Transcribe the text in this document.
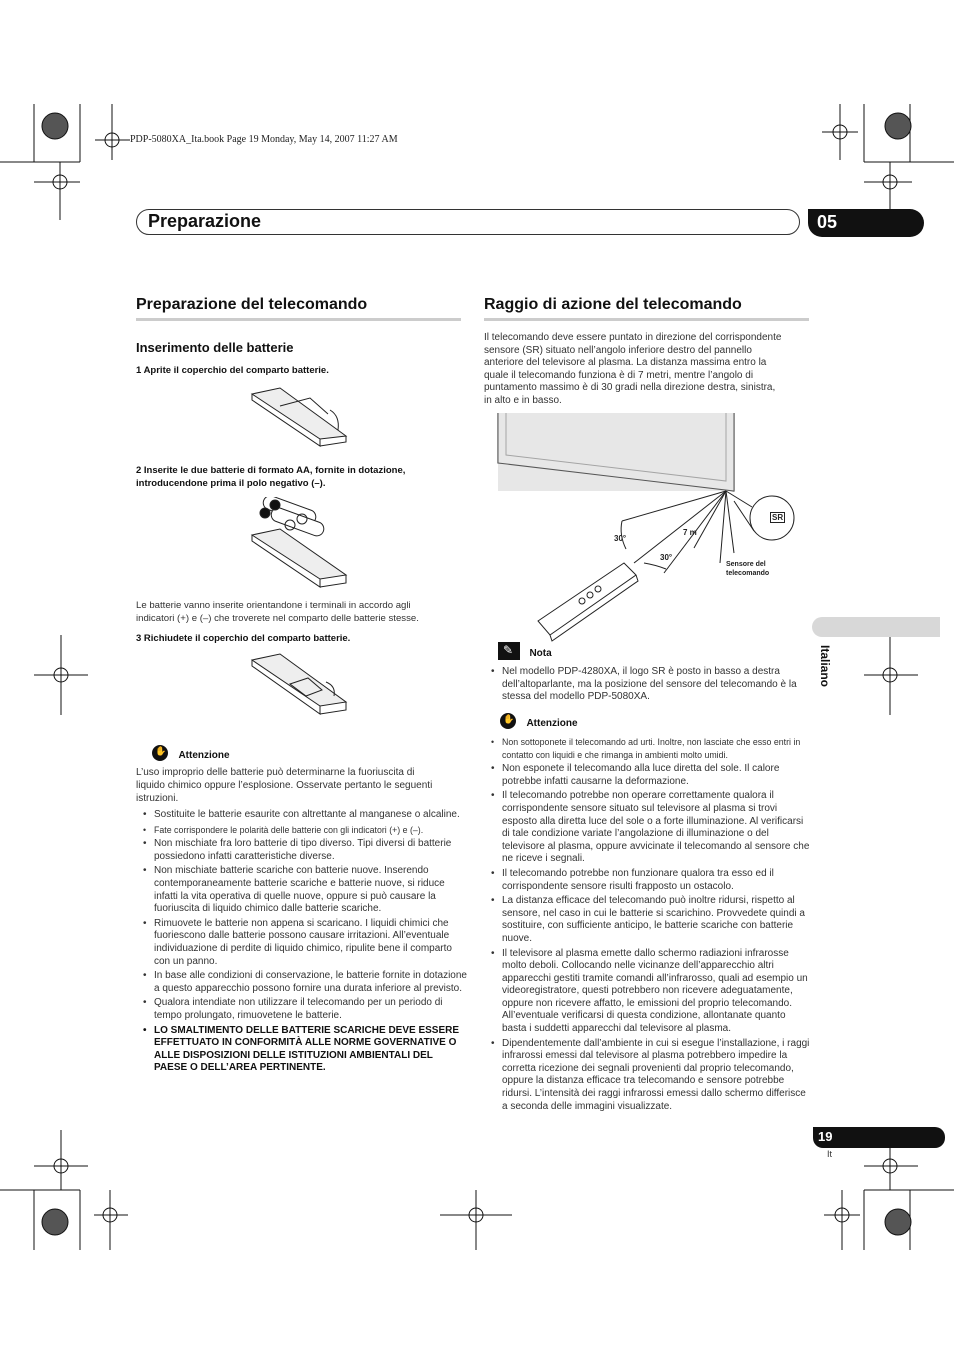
PDP-5080XA_Ita.book Page 19 Monday, May 14, 2007 11:27 AM
Preparazione	05
Preparazione del telecomando
Inserimento delle batterie
1 Aprite il coperchio del comparto batterie.
2 Inserite le due batterie di formato AA, fornite in dotazione,
introducendone prima il polo negativo (–).
Le batterie vanno inserite orientandone i terminali in accordo agli
indicatori (+) e (–) che troverete nel comparto delle batterie stesse.
3 Richiudete il coperchio del comparto batterie.
✋ Attenzione
L’uso improprio delle batterie può determinarne la fuoriuscita di
liquido chimico oppure l’esplosione. Osservate pertanto le seguenti
istruzioni.
• Sostituite le batterie esaurite con altrettante al manganese o alcaline.
• Fate corrispondere le polarità delle batterie con gli indicatori (+) e (–).
• Non mischiate fra loro batterie di tipo diverso. Tipi diversi di batterie possiedono infatti caratteristiche diverse.
• Non mischiate batterie scariche con batterie nuove. Inserendo contemporaneamente batterie scariche e batterie nuove, si riduce infatti la vita operativa di quelle nuove, oppure si può causare la fuoriuscita di liquido chimico dalle batterie scariche.
• Rimuovete le batterie non appena si scaricano. I liquidi chimici che fuoriescono dalle batterie possono causare irritazioni. All’eventuale individuazione di perdite di liquido chimico, ripulite bene il comparto con un panno.
• In base alle condizioni di conservazione, le batterie fornite in dotazione a questo apparecchio possono fornire una durata inferiore al previsto.
• Qualora intendiate non utilizzare il telecomando per un periodo di tempo prolungato, rimuovetene le batterie.
• LO SMALTIMENTO DELLE BATTERIE SCARICHE DEVE ESSERE EFFETTUATO IN CONFORMITÀ ALLE NORME GOVERNATIVE O ALLE DISPOSIZIONI DELLE ISTITUZIONI AMBIENTALI DEL PAESE O DELL’AREA PERTINENTE.
Raggio di azione del telecomando
Il telecomando deve essere puntato in direzione del corrispondente
sensore (SR) situato nell’angolo inferiore destro del pannello
anteriore del televisore al plasma. La distanza massima entro la
quale il telecomando funziona è di 7 metri, mentre l’angolo di
puntamento massimo è di 30 gradi nella direzione destra, sinistra,
in alto e in basso.
SR
30°
30°
7 m
Sensore del
telecomando
✎ $^{Nota}$
• Nel modello PDP-4280XA, il logo SR è posto in basso a destra dell’altoparlante, ma la posizione del sensore del telecomando è la stessa del modello PDP-5080XA.
✋ Attenzione
• Non sottoponete il telecomando ad urti. Inoltre, non lasciate che esso entri in contatto con liquidi e che rimanga in ambienti molto umidi.
• Non esponete il telecomando alla luce diretta del sole. Il calore potrebbe infatti causarne la deformazione.
• Il telecomando potrebbe non operare correttamente qualora il corrispondente sensore situato sul televisore al plasma si trovi esposto alla diretta luce del sole o a forte illuminazione. Al verificarsi di tale condizione variate l’angolazione di illuminazione o del televisore al plasma, oppure avvicinate il telecomando al sensore che ne riceve i segnali.
• Il telecomando potrebbe non funzionare qualora tra esso ed il corrispondente sensore risulti frapposto un ostacolo.
• La distanza efficace del telecomando può inoltre ridursi, rispetto al sensore, nel caso in cui le batterie si scarichino. Provvedete quindi a sostituire, con sufficiente anticipo, le batterie scariche con batterie nuove.
• Il televisore al plasma emette dallo schermo radiazioni infrarosse molto deboli. Collocando nelle vicinanze dell’apparecchio altri apparecchi gestiti tramite comandi all’infrarosso, quali ad esempio un videoregistratore, questi potrebbero non ricevere adeguatamente, oppure non ricevere affatto, le emissioni del proprio telecomando. All’eventuale verificarsi di questa condizione, allontanate quanto basta i suddetti apparecchi dal televisore al plasma.
• Dipendentemente dall’ambiente in cui si esegue l’installazione, i raggi infrarossi emessi dal televisore al plasma potrebbero impedire la corretta ricezione dei segnali provenienti dal proprio telecomando, oppure la distanza efficace tra telecomando e sensore potrebbe ridursi. L’intensità dei raggi infrarossi emessi dallo schermo differisce a seconda delle immagini visualizzate.
Italiano
19
It
